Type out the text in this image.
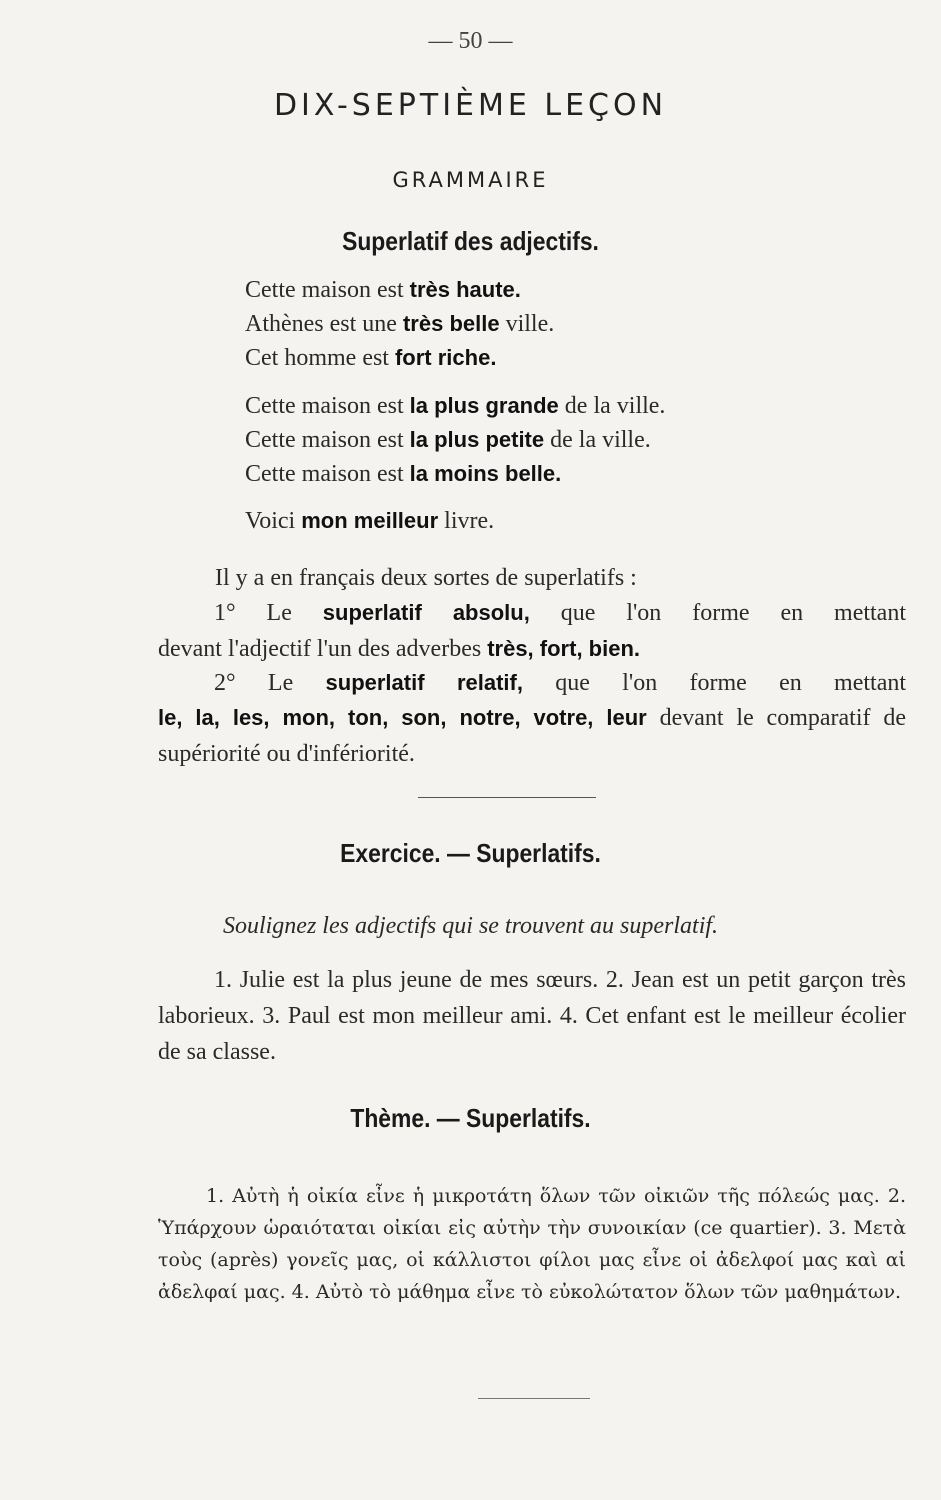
— 50 —
DIX-SEPTIÈME LEÇON
GRAMMAIRE
Superlatif des adjectifs.
Cette maison est très haute.
Athènes est une très belle ville.
Cet homme est fort riche.
Cette maison est la plus grande de la ville.
Cette maison est la plus petite de la ville.
Cette maison est la moins belle.
Voici mon meilleur livre.
Il y a en français deux sortes de superlatifs :
1° Le superlatif absolu, que l'on forme en mettant
devant l'adjectif l'un des adverbes très, fort, bien.
2° Le superlatif relatif, que l'on forme en mettant
le, la, les, mon, ton, son, notre, votre, leur devant le comparatif de supériorité ou d'infériorité.
Exercice. — Superlatifs.
Soulignez les adjectifs qui se trouvent au superlatif.
1. Julie est la plus jeune de mes sœurs. 2. Jean est un petit garçon très laborieux. 3. Paul est mon meilleur ami. 4. Cet enfant est le meilleur écolier de sa classe.
Thème. — Superlatifs.
1. Αὐτὴ ἡ οἰκία εἶνε ἡ μικροτάτη ὅλων τῶν οἰκιῶν τῆς πόλεώς μας. 2. Ὑπάρχουν ὡραιόταται οἰκίαι εἰς αὐτὴν τὴν συνοικίαν (ce quartier). 3. Μετὰ τοὺς (après) γονεῖς μας, οἱ κάλλιστοι φίλοι μας εἶνε οἱ ἀδελφοί μας καὶ αἱ ἀδελφαί μας. 4. Αὐτὸ τὸ μάθημα εἶνε τὸ εὐκολώτατον ὅλων τῶν μαθημάτων.
